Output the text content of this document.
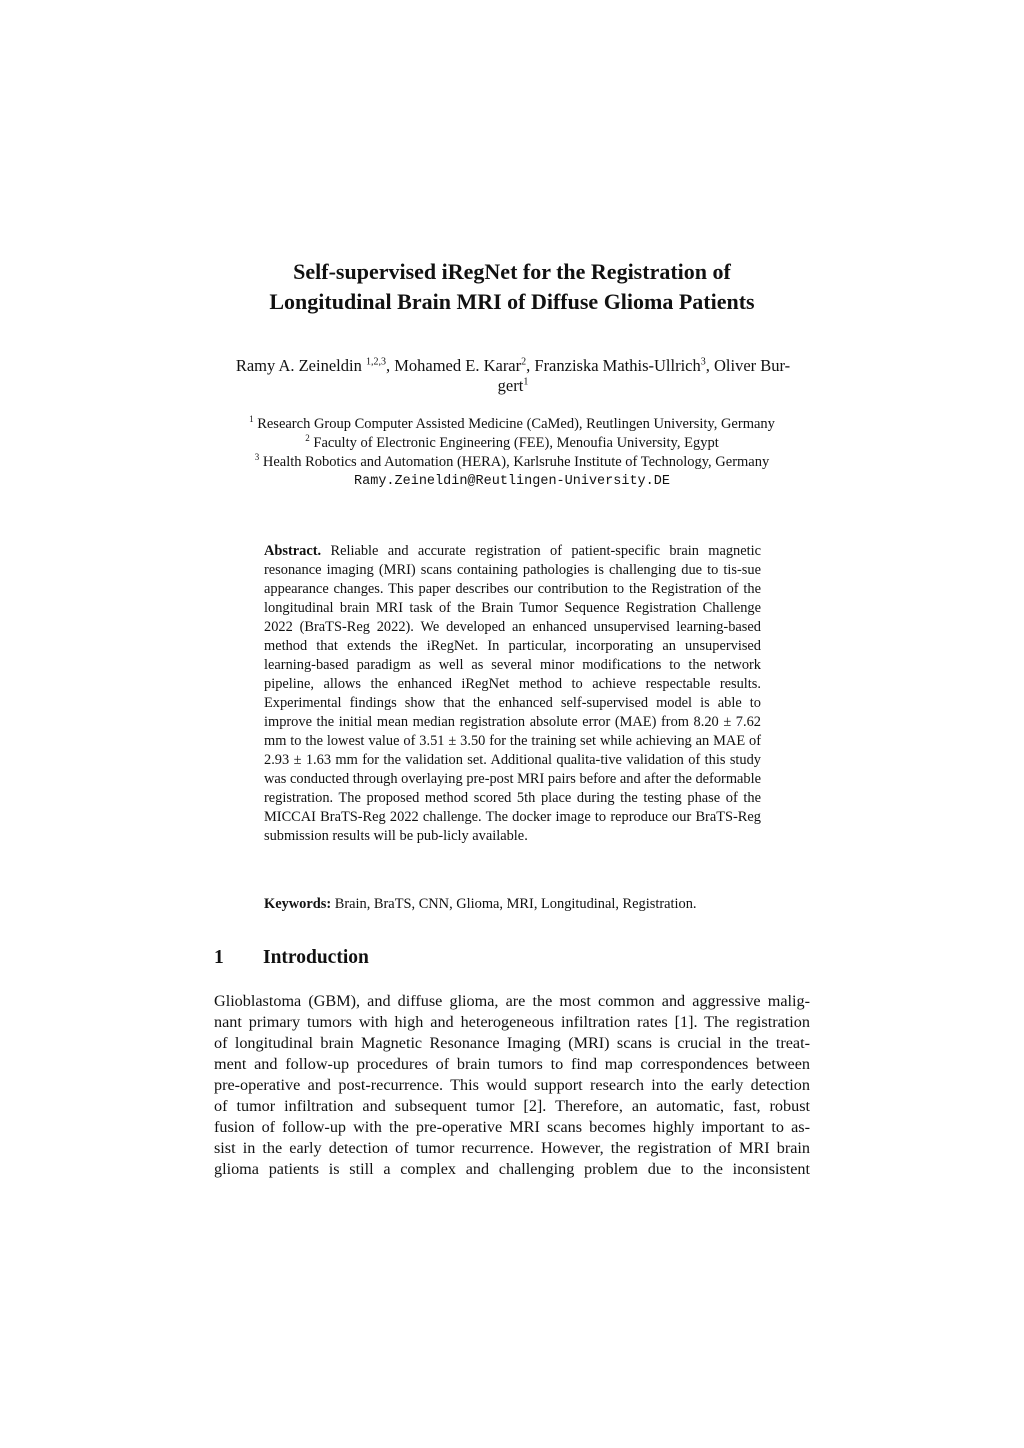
Self-supervised iRegNet for the Registration of
Longitudinal Brain MRI of Diffuse Glioma Patients
Ramy A. Zeineldin $^{1,2,3}$, Mohamed E. Karar$^2$, Franziska Mathis-Ullrich$^3$, Oliver Bur-
gert$^1$
$^1$ Research Group Computer Assisted Medicine (CaMed), Reutlingen University, Germany
$^2$ Faculty of Electronic Engineering (FEE), Menoufia University, Egypt
$^3$ Health Robotics and Automation (HERA), Karlsruhe Institute of Technology, Germany
Ramy.Zeineldin@Reutlingen-University.DE
Abstract. Reliable and accurate registration of patient-specific brain magnetic resonance imaging (MRI) scans containing pathologies is challenging due to tis-sue appearance changes. This paper describes our contribution to the Registration of the longitudinal brain MRI task of the Brain Tumor Sequence Registration Challenge 2022 (BraTS-Reg 2022). We developed an enhanced unsupervised learning-based method that extends the iRegNet. In particular, incorporating an unsupervised learning-based paradigm as well as several minor modifications to the network pipeline, allows the enhanced iRegNet method to achieve respectable results. Experimental findings show that the enhanced self-supervised model is able to improve the initial mean median registration absolute error (MAE) from 8.20 ± 7.62 mm to the lowest value of 3.51 ± 3.50 for the training set while achieving an MAE of 2.93 ± 1.63 mm for the validation set. Additional qualita-tive validation of this study was conducted through overlaying pre-post MRI pairs before and after the deformable registration. The proposed method scored 5th place during the testing phase of the MICCAI BraTS-Reg 2022 challenge. The docker image to reproduce our BraTS-Reg submission results will be pub-licly available.
Keywords: Brain, BraTS, CNN, Glioma, MRI, Longitudinal, Registration.
1 Introduction
Glioblastoma (GBM), and diffuse glioma, are the most common and aggressive malig-
nant primary tumors with high and heterogeneous infiltration rates [1]. The registration
of longitudinal brain Magnetic Resonance Imaging (MRI) scans is crucial in the treat-
ment and follow-up procedures of brain tumors to find map correspondences between
pre-operative and post-recurrence. This would support research into the early detection
of tumor infiltration and subsequent tumor [2]. Therefore, an automatic, fast, robust
fusion of follow-up with the pre-operative MRI scans becomes highly important to as-
sist in the early detection of tumor recurrence. However, the registration of MRI brain
glioma patients is still a complex and challenging problem due to the inconsistent
